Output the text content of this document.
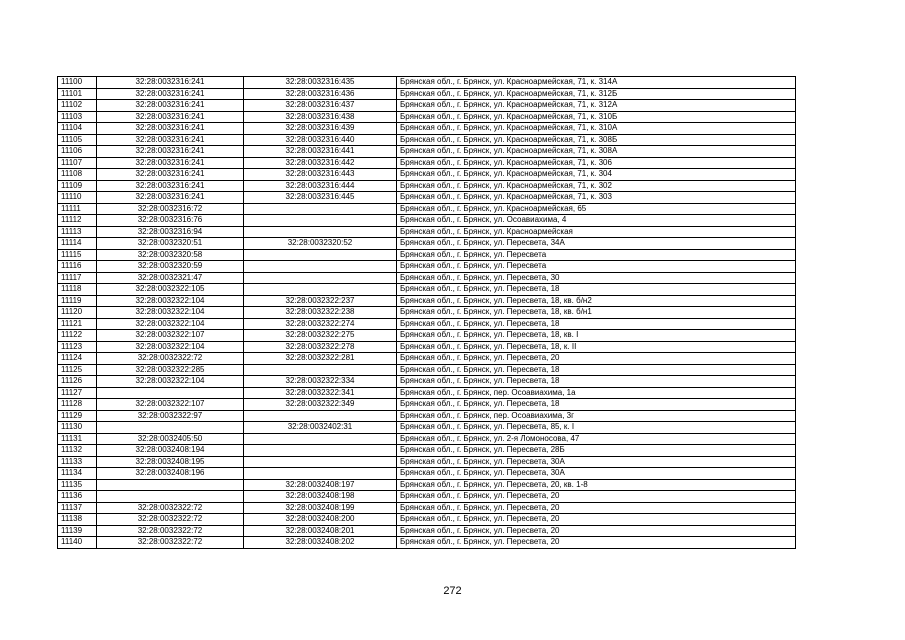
11100	32:28:0032316:241	32:28:0032316:435	Брянская обл., г. Брянск, ул. Красноармейская, 71, к. 314А
11101	32:28:0032316:241	32:28:0032316:436	Брянская обл., г. Брянск, ул. Красноармейская, 71, к. 312Б
11102	32:28:0032316:241	32:28:0032316:437	Брянская обл., г. Брянск, ул. Красноармейская, 71, к. 312А
11103	32:28:0032316:241	32:28:0032316:438	Брянская обл., г. Брянск, ул. Красноармейская, 71, к. 310Б
11104	32:28:0032316:241	32:28:0032316:439	Брянская обл., г. Брянск, ул. Красноармейская, 71, к. 310А
11105	32:28:0032316:241	32:28:0032316:440	Брянская обл., г. Брянск, ул. Красноармейская, 71, к. 308Б
11106	32:28:0032316:241	32:28:0032316:441	Брянская обл., г. Брянск, ул. Красноармейская, 71, к. 308А
11107	32:28:0032316:241	32:28:0032316:442	Брянская обл., г. Брянск, ул. Красноармейская, 71, к. 306
11108	32:28:0032316:241	32:28:0032316:443	Брянская обл., г. Брянск, ул. Красноармейская, 71, к. 304
11109	32:28:0032316:241	32:28:0032316:444	Брянская обл., г. Брянск, ул. Красноармейская, 71, к. 302
11110	32:28:0032316:241	32:28:0032316:445	Брянская обл., г. Брянск, ул. Красноармейская, 71, к. 303
11111	32:28:0032316:72		Брянская обл., г. Брянск, ул. Красноармейская, 65
11112	32:28:0032316:76		Брянская обл., г. Брянск, ул. Осоавиахима, 4
11113	32:28:0032316:94		Брянская обл., г. Брянск, ул. Красноармейская
11114	32:28:0032320:51	32:28:0032320:52	Брянская обл., г. Брянск, ул. Пересвета, 34А
11115	32:28:0032320:58		Брянская обл., г. Брянск, ул. Пересвета
11116	32:28:0032320:59		Брянская обл., г. Брянск, ул. Пересвета
11117	32:28:0032321:47		Брянская обл., г. Брянск, ул. Пересвета, 30
11118	32:28:0032322:105		Брянская обл., г. Брянск, ул. Пересвета, 18
11119	32:28:0032322:104	32:28:0032322:237	Брянская обл., г. Брянск, ул. Пересвета, 18, кв. б/н2
11120	32:28:0032322:104	32:28:0032322:238	Брянская обл., г. Брянск, ул. Пересвета, 18, кв. б/н1
11121	32:28:0032322:104	32:28:0032322:274	Брянская обл., г. Брянск, ул. Пересвета, 18
11122	32:28:0032322:107	32:28:0032322:275	Брянская обл., г. Брянск, ул. Пересвета, 18, кв. I
11123	32:28:0032322:104	32:28:0032322:278	Брянская обл., г. Брянск, ул. Пересвета, 18, к. II
11124	32:28:0032322:72	32:28:0032322:281	Брянская обл., г. Брянск, ул. Пересвета, 20
11125	32:28:0032322:285		Брянская обл., г. Брянск, ул. Пересвета, 18
11126	32:28:0032322:104	32:28:0032322:334	Брянская обл., г. Брянск, ул. Пересвета, 18
11127		32:28:0032322:341	Брянская обл., г. Брянск, пер. Осоавиахима, 1а
11128	32:28:0032322:107	32:28:0032322:349	Брянская обл., г. Брянск, ул. Пересвета, 18
11129	32:28:0032322:97		Брянская обл., г. Брянск, пер. Осоавиахима, 3г
11130		32:28:0032402:31	Брянская обл., г. Брянск, ул. Пересвета, 85, к. I
11131	32:28:0032405:50		Брянская обл., г. Брянск, ул. 2-я Ломоносова, 47
11132	32:28:0032408:194		Брянская обл., г. Брянск, ул. Пересвета, 28Б
11133	32:28:0032408:195		Брянская обл., г. Брянск, ул. Пересвета, 30А
11134	32:28:0032408:196		Брянская обл., г. Брянск, ул. Пересвета, 30А
11135		32:28:0032408:197	Брянская обл., г. Брянск, ул. Пересвета, 20, кв. 1-8
11136		32:28:0032408:198	Брянская обл., г. Брянск, ул. Пересвета, 20
11137	32:28:0032322:72	32:28:0032408:199	Брянская обл., г. Брянск, ул. Пересвета, 20
11138	32:28:0032322:72	32:28:0032408:200	Брянская обл., г. Брянск, ул. Пересвета, 20
11139	32:28:0032322:72	32:28:0032408:201	Брянская обл., г. Брянск, ул. Пересвета, 20
11140	32:28:0032322:72	32:28:0032408:202	Брянская обл., г. Брянск, ул. Пересвета, 20
272
